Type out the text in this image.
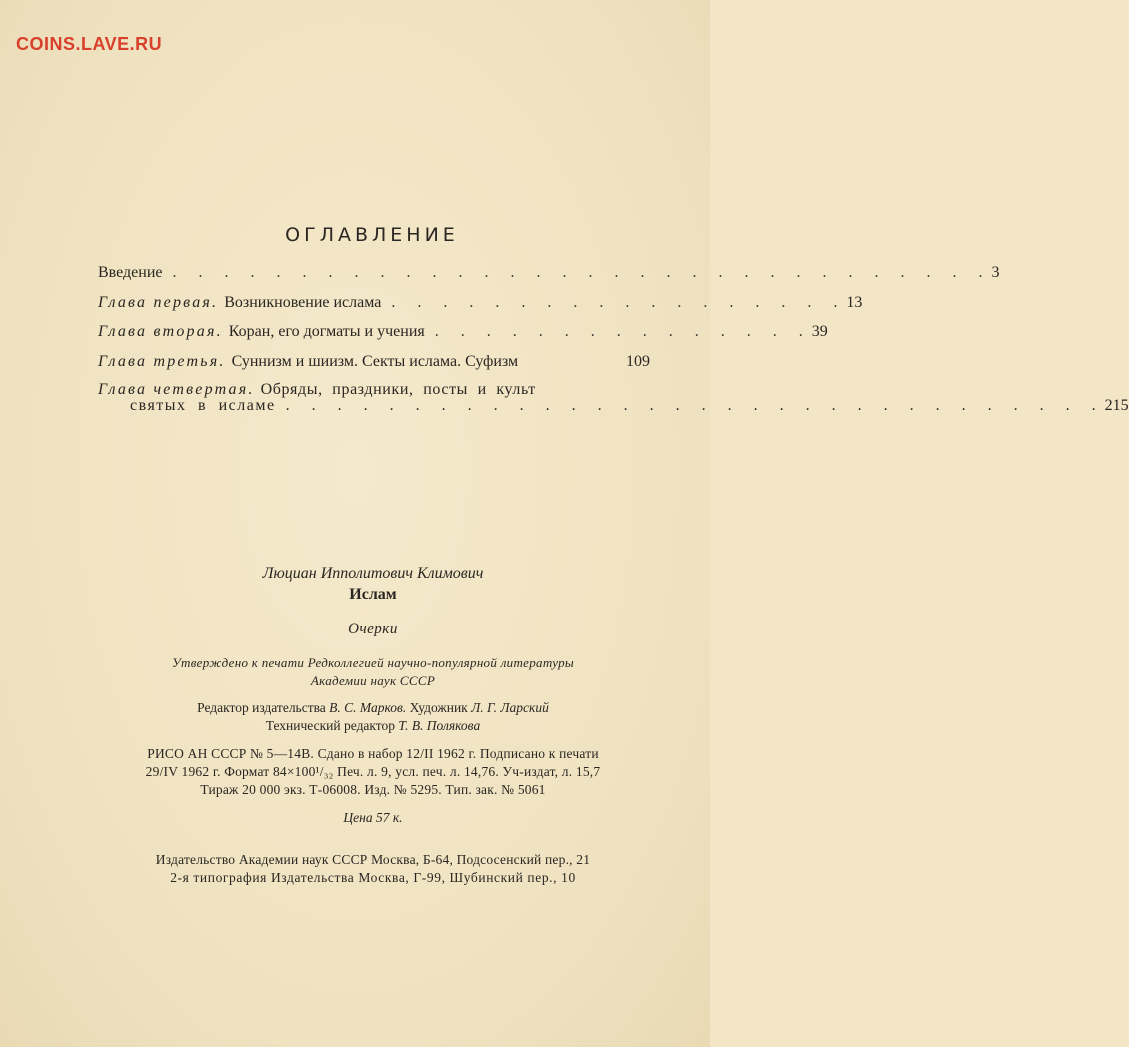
COINS.LAVE.RU
ОГЛАВЛЕНИЕ
Введение . . . . . . . . . . . . . . . . . . . . . . . . . . . . . . . . 3
Глава первая. Возникновение ислама . . . . . . . . . . . . . . . . . . 13
Глава вторая. Коран, его догматы и учения . . . . . . . . . . . . . . . 39
Глава третья. Суннизм и шиизм. Секты ислама. Суфизм	109
Глава четвертая. Обряды, праздники, посты и культ
святых в исламе . . . . . . . . . . . . . . . . . . . . . . . . . . . . . . . . 215
Люциан Ипполитович Климович
Ислам
Очерки
Утверждено к печати Редколлегией научно-популярной литературы
Академии наук СССР
Редактор издательства В. С. Марков. Художник Л. Г. Ларский
Технический редактор Т. В. Полякова
РИСО АН СССР № 5—14В. Сдано в набор 12/II 1962 г. Подписано к печати
29/IV 1962 г. Формат 84×100¹/₃₂ Печ. л. 9, усл. печ. л. 14,76. Уч-издат, л. 15,7
Тираж 20 000 экз. Т-06008. Изд. № 5295. Тип. зак. № 5061
Цена 57 к.
Издательство Академии наук СССР Москва, Б-64, Подсосенский пер., 21
2-я типография Издательства Москва, Г-99, Шубинский пер., 10
